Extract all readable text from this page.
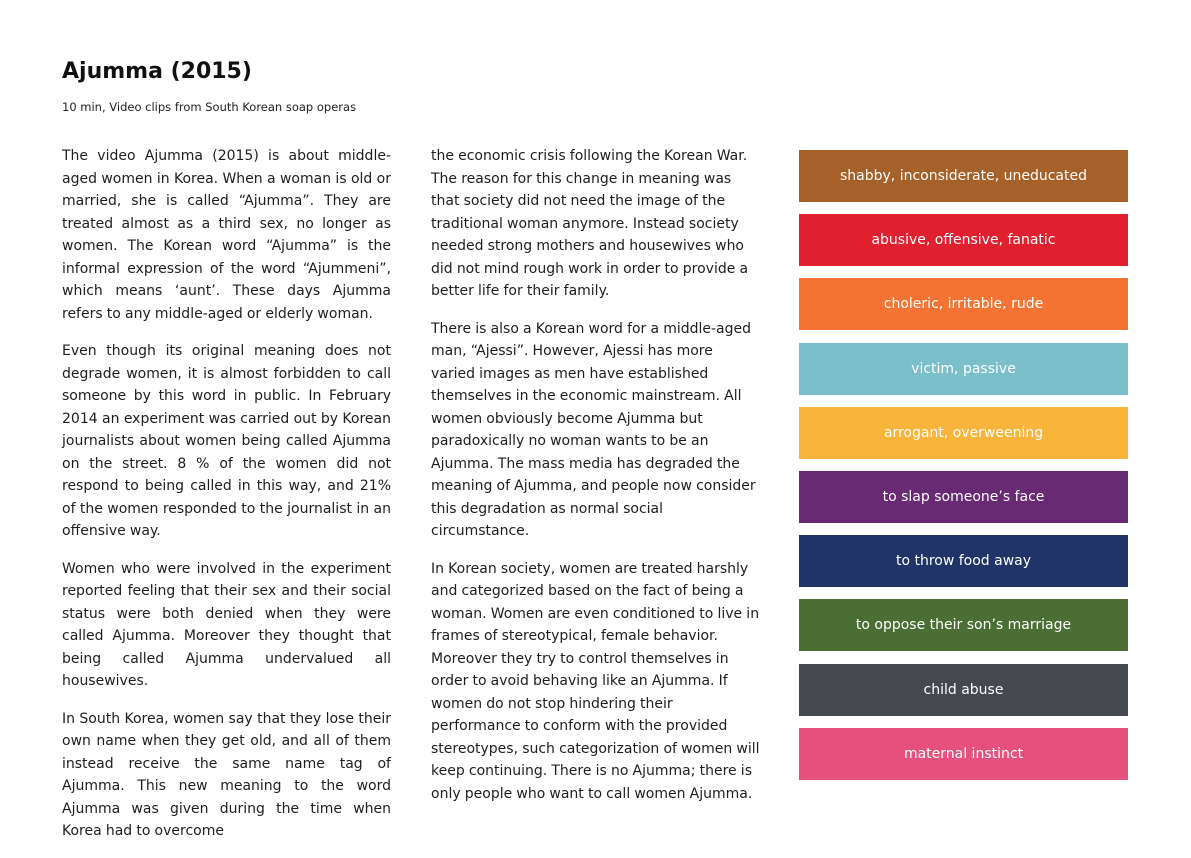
Ajumma (2015)
10 min, Video clips from South Korean soap operas

The video Ajumma (2015) is about middle-aged women in Korea. When a woman is old or married, she is called “Ajumma”. They are treated almost as a third sex, no longer as women. The Korean word “Ajumma” is the informal expression of the word “Ajummeni”, which means ‘aunt’. These days Ajumma refers to any middle-aged or elderly woman.

Even though its original meaning does not degrade women, it is almost forbidden to call someone by this word in public. In February 2014 an experiment was carried out by Korean journalists about women being called Ajumma on the street. 8 % of the women did not respond to being called in this way, and 21% of the women responded to the journalist in an offensive way.

Women who were involved in the experiment reported feeling that their sex and their social status were both denied when they were called Ajumma. Moreover they thought that being called Ajumma undervalued all housewives.

In South Korea, women say that they lose their own name when they get old, and all of them instead receive the same name tag of Ajumma. This new meaning to the word Ajumma was given during the time when Korea had to overcome

the economic crisis following the Korean War. The reason for this change in meaning was that society did not need the image of the traditional woman anymore. Instead society needed strong mothers and housewives who did not mind rough work in order to provide a better life for their family.

There is also a Korean word for a middle-aged man, “Ajessi”. However, Ajessi has more varied images as men have established themselves in the economic mainstream. All women obviously become Ajumma but paradoxically no woman wants to be an Ajumma. The mass media has degraded the meaning of Ajumma, and people now consider this degradation as normal social circumstance.

In Korean society, women are treated harshly and categorized based on the fact of being a woman. Women are even conditioned to live in frames of stereotypical, female behavior. Moreover they try to control themselves in order to avoid behaving like an Ajumma. If women do not stop hindering their performance to conform with the provided stereotypes, such categorization of women will keep continuing. There is no Ajumma; there is only people who want to call women Ajumma.

shabby, inconsiderate, uneducated
abusive, offensive, fanatic
choleric, irritable, rude
victim, passive
arrogant, overweening
to slap someone’s face
to throw food away
to oppose their son’s marriage
child abuse
maternal instinct
